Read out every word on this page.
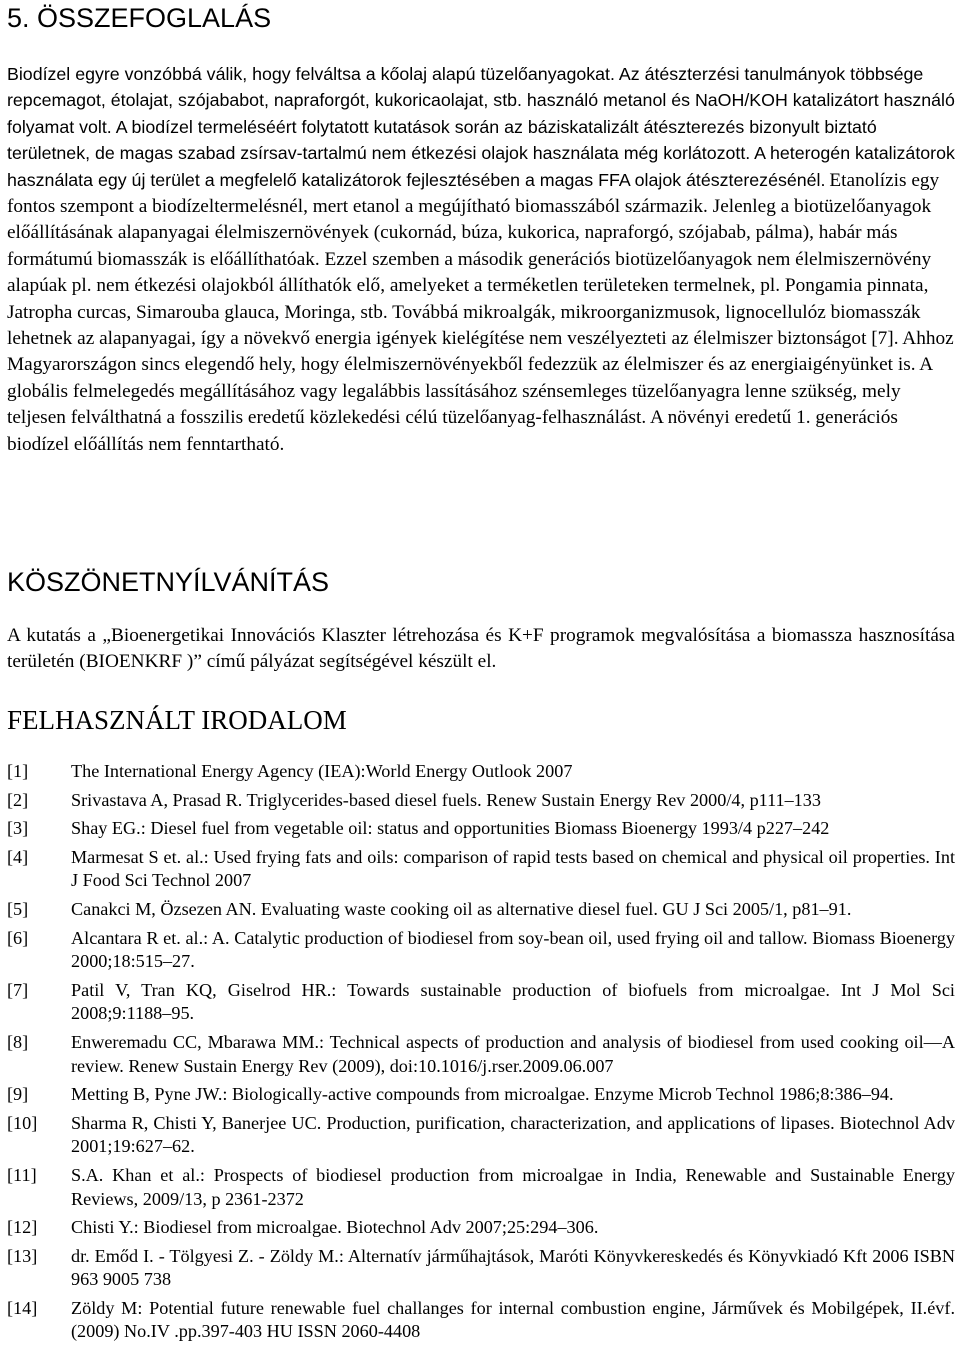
5. ÖSSZEFOGLALÁS
Biodízel egyre vonzóbbá válik, hogy felváltsa a kőolaj alapú tüzelőanyagokat. Az átészterzési tanulmányok többsége repcemagot, étolajat, szójababot, napraforgót, kukoricaolajat, stb. használó metanol és NaOH/KOH katalizátort használó folyamat volt. A biodízel termeléséért folytatott kutatások során az báziskatalizált átészterezés bizonyult biztató területnek, de magas szabad zsírsav-tartalmú nem étkezési olajok használata még korlátozott. A heterogén katalizátorok használata egy új terület a megfelelő katalizátorok fejlesztésében a magas FFA olajok átészterezésénél. Etanolízis egy fontos szempont a biodízeltermelésnél, mert etanol a megújítható biomasszából származik. Jelenleg a biotüzelőanyagok előállításának alapanyagai élelmiszernövények (cukornád, búza, kukorica, napraforgó, szójabab, pálma), habár más formátumú biomasszák is előállíthatóak. Ezzel szemben a második generációs biotüzelőanyagok nem élelmiszernövény alapúak pl. nem étkezési olajokból állíthatók elő, amelyeket a terméketlen területeken termelnek, pl. Pongamia pinnata, Jatropha curcas, Simarouba glauca, Moringa, stb. Továbbá mikroalgák, mikroorganizmusok, lignocellulóz biomasszák lehetnek az alapanyagai, így a növekvő energia igények kielégítése nem veszélyezteti az élelmiszer biztonságot [7]. Ahhoz Magyarországon sincs elegendő hely, hogy élelmiszernövényekből fedezzük az élelmiszer és az energiaigényünket is. A globális felmelegedés megállításához vagy legalábbis lassításához szénsemleges tüzelőanyagra lenne szükség, mely teljesen felválthatná a fosszilis eredetű közlekedési célú tüzelőanyag-felhasználást. A növényi eredetű 1. generációs biodízel előállítás nem fenntartható.
KÖSZÖNETNYÍLVÁNÍTÁS

A kutatás a „Bioenergetikai Innovációs Klaszter létrehozása és K+F programok megvalósítása a biomassza hasznosítása területén (BIOENKRF )” című pályázat segítségével készült el.

FELHASZNÁLT IRODALOM
[1]	The International Energy Agency (IEA):World Energy Outlook 2007
[2]	Srivastava A, Prasad R. Triglycerides-based diesel fuels. Renew Sustain Energy Rev 2000/4, p111–133
[3]	Shay EG.: Diesel fuel from vegetable oil: status and opportunities Biomass Bioenergy 1993/4 p227–242
[4]	Marmesat S et. al.: Used frying fats and oils: comparison of rapid tests based on chemical and physical oil properties. Int J Food Sci Technol 2007
[5]	Canakci M, Özsezen AN. Evaluating waste cooking oil as alternative diesel fuel. GU J Sci 2005/1, p81–91.
[6]	Alcantara R et. al.: A. Catalytic production of biodiesel from soy-bean oil, used frying oil and tallow. Biomass Bioenergy 2000;18:515–27.
[7]	Patil V, Tran KQ, Giselrod HR.: Towards sustainable production of biofuels from microalgae. Int J Mol Sci 2008;9:1188–95.
[8]	Enweremadu CC, Mbarawa MM.: Technical aspects of production and analysis of biodiesel from used cooking oil—A review. Renew Sustain Energy Rev (2009), doi:10.1016/j.rser.2009.06.007
[9]	Metting B, Pyne JW.: Biologically-active compounds from microalgae. Enzyme Microb Technol 1986;8:386–94.
[10]	Sharma R, Chisti Y, Banerjee UC. Production, purification, characterization, and applications of lipases. Biotechnol Adv 2001;19:627–62.
[11]	S.A. Khan et al.: Prospects of biodiesel production from microalgae in India, Renewable and Sustainable Energy Reviews, 2009/13, p 2361-2372
[12]	Chisti Y.: Biodiesel from microalgae. Biotechnol Adv 2007;25:294–306.
[13]	dr. Emőd I. - Tölgyesi Z. - Zöldy M.: Alternatív járműhajtások, Maróti Könyvkereskedés és Könyvkiadó Kft 2006 ISBN 963 9005 738
[14]	Zöldy M: Potential future renewable fuel challanges for internal combustion engine, Járművek és Mobilgépek, II.évf. (2009) No.IV .pp.397-403 HU ISSN 2060-4408
